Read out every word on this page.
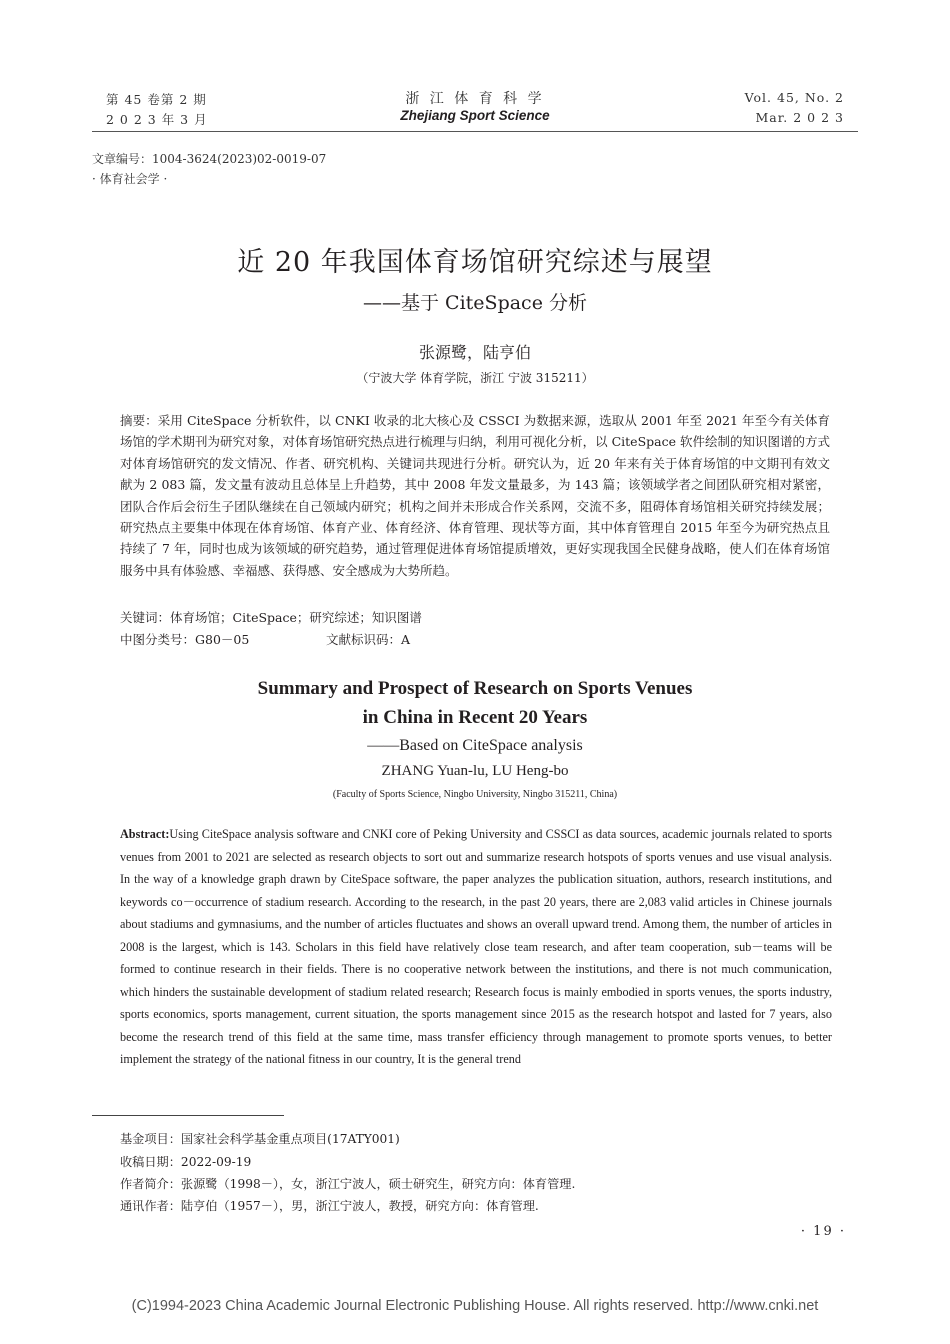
第 45 卷第 2 期
2 0 2 3 年 3 月
浙 江 体 育 科 学
Zhejiang Sport Science
Vol. 45, No. 2
Mar. 2 0 2 3
文章编号：1004-3624(2023)02-0019-07
· 体育社会学 ·
近 20 年我国体育场馆研究综述与展望
——基于 CiteSpace 分析
张源鹭，陆亨伯
（宁波大学 体育学院，浙江 宁波 315211）

摘要：采用 CiteSpace 分析软件，以 CNKI 收录的北大核心及 CSSCI 为数据来源，选取从 2001 年至 2021 年至今有关体育场馆的学术期刊为研究对象，对体育场馆研究热点进行梳理与归纳，利用可视化分析，以 CiteSpace 软件绘制的知识图谱的方式对体育场馆研究的发文情况、作者、研究机构、关键词共现进行分析。研究认为，近 20 年来有关于体育场馆的中文期刊有效文献为 2 083 篇，发文量有波动且总体呈上升趋势，其中 2008 年发文量最多，为 143 篇；该领域学者之间团队研究相对紧密，团队合作后会衍生子团队继续在自己领域内研究；机构之间并未形成合作关系网，交流不多，阻碍体育场馆相关研究持续发展；研究热点主要集中体现在体育场馆、体育产业、体育经济、体育管理、现状等方面，其中体育管理自 2015 年至今为研究热点且持续了 7 年，同时也成为该领域的研究趋势，通过管理促进体育场馆提质增效，更好实现我国全民健身战略，使人们在体育场馆服务中具有体验感、幸福感、获得感、安全感成为大势所趋。

关键词：体育场馆；CiteSpace；研究综述；知识图谱
中图分类号：G80－05	文献标识码：A
Summary and Prospect of Research on Sports Venues
in China in Recent 20 Years
——Based on CiteSpace analysis
ZHANG Yuan-lu, LU Heng-bo
(Faculty of Sports Science, Ningbo University, Ningbo 315211, China)

Abstract:Using CiteSpace analysis software and CNKI core of Peking University and CSSCI as data sources, academic journals related to sports venues from 2001 to 2021 are selected as research objects to sort out and summarize research hotspots of sports venues and use visual analysis. In the way of a knowledge graph drawn by CiteSpace software, the paper analyzes the publication situation, authors, research institutions, and keywords co－occurrence of stadium research. According to the research, in the past 20 years, there are 2,083 valid articles in Chinese journals about stadiums and gymnasiums, and the number of articles fluctuates and shows an overall upward trend. Among them, the number of articles in 2008 is the largest, which is 143. Scholars in this field have relatively close team research, and after team cooperation, sub－teams will be formed to continue research in their fields. There is no cooperative network between the institutions, and there is not much communication, which hinders the sustainable development of stadium related research; Research focus is mainly embodied in sports venues, the sports industry, sports economics, sports management, current situation, the sports management since 2015 as the research hotspot and lasted for 7 years, also become the research trend of this field at the same time, mass transfer efficiency through management to promote sports venues, to better implement the strategy of the national fitness in our country, It is the general trend

基金项目：国家社会科学基金重点项目(17ATY001)
收稿日期：2022-09-19
作者简介：张源鹭（1998－），女，浙江宁波人，硕士研究生，研究方向：体育管理.
通讯作者：陆亨伯（1957－），男，浙江宁波人，教授，研究方向：体育管理.
· 19 ·
(C)1994-2023 China Academic Journal Electronic Publishing House. All rights reserved. http://www.cnki.net
